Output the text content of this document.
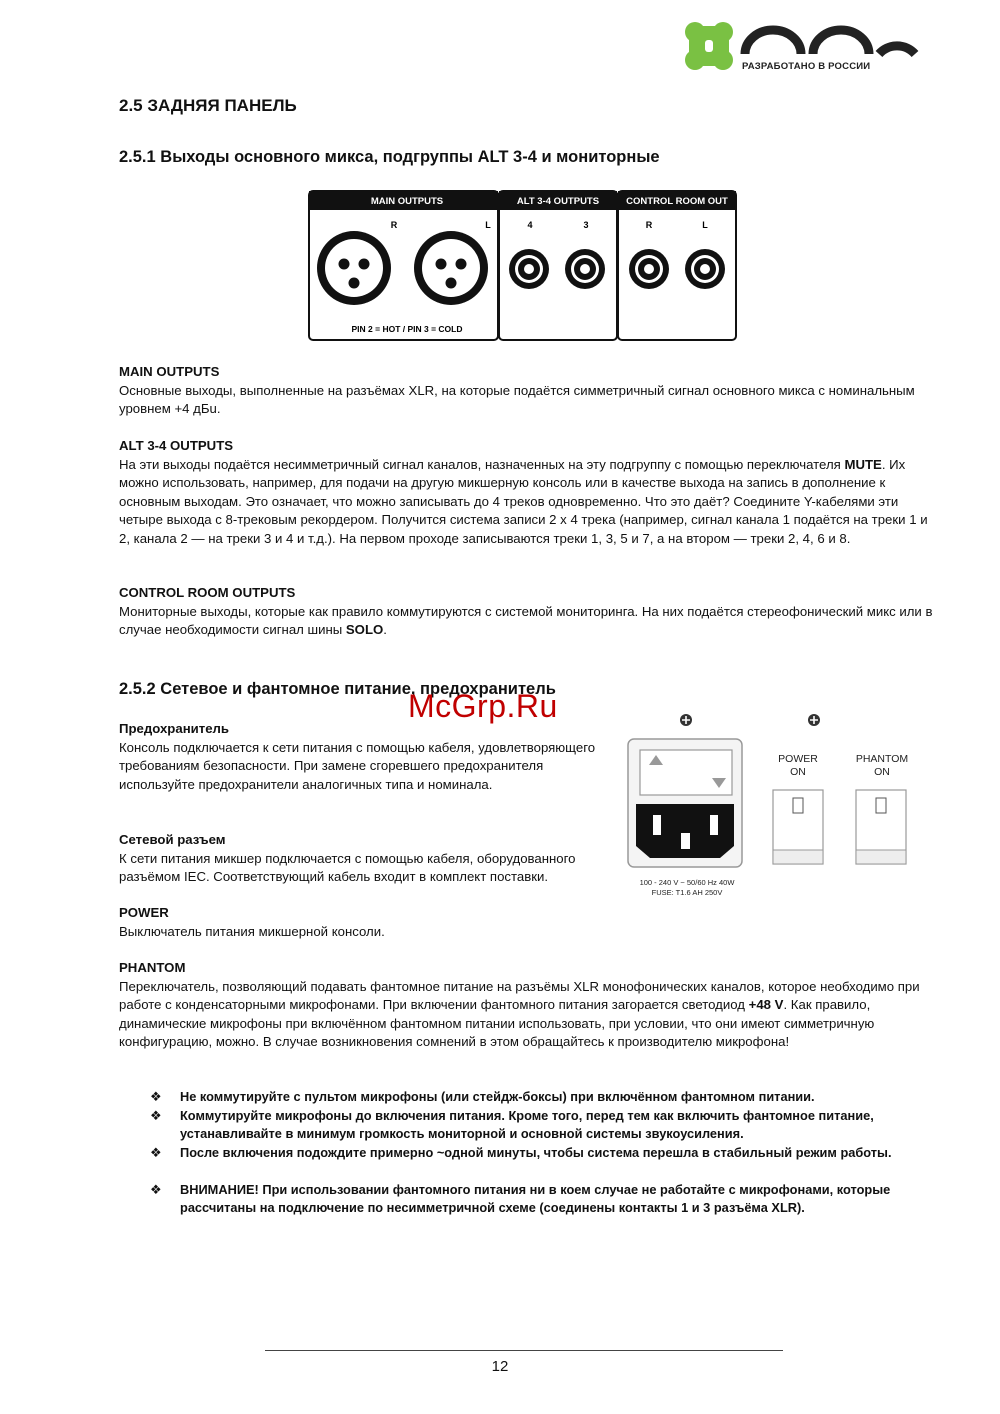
РАЗРАБОТАНО В РОССИИ
2.5 ЗАДНЯЯ ПАНЕЛЬ
2.5.1 Выходы основного микса, подгруппы ALT 3-4 и мониторные
MAIN OUTPUTS	ALT 3-4 OUTPUTS	CONTROL ROOM OUT
R	L	4	3	R	L
PIN 2 = HOT / PIN 3 = COLD

MAIN OUTPUTS
Основные выходы, выполненные на разъёмах XLR, на которые подаётся симметричный сигнал основного микса с номинальным уровнем +4 дБu.

ALT 3-4 OUTPUTS
На эти выходы подаётся несимметричный сигнал каналов, назначенных на эту подгруппу с помощью переключателя MUTE. Их можно использовать, например, для подачи на другую микшерную консоль или в качестве выхода на запись в дополнение к основным выходам. Это означает, что можно записывать до 4 треков одновременно. Что это даёт? Соедините Y-кабелями эти четыре выхода с 8-трековым рекордером. Получится система записи 2 x 4 трека (например, сигнал канала 1 подаётся на треки 1 и 2, канала 2 — на треки 3 и 4 и т.д.). На первом проходе записываются треки 1, 3, 5 и 7, а на втором — треки 2, 4, 6 и 8.

CONTROL ROOM OUTPUTS
Мониторные выходы, которые как правило коммутируются с системой мониторинга. На них подаётся стереофонический микс или в случае необходимости сигнал шины SOLO.

2.5.2 Сетевое и фантомное питание, предохранитель
McGrp.Ru
100 - 240 V ~ 50/60 Hz 40W
FUSE: T1.6 AH 250V
POWER
ON
PHANTOM
ON

Предохранитель
Консоль подключается к сети питания с помощью кабеля, удовлетворяющего требованиям безопасности. При замене сгоревшего предохранителя используйте предохранители аналогичных типа и номинала.

Сетевой разъем
К сети питания микшер подключается с помощью кабеля, оборудованного разъёмом IEC. Соответствующий кабель входит в комплект поставки.

POWER
Выключатель питания микшерной консоли.

PHANTOM
Переключатель, позволяющий подавать фантомное питание на разъёмы XLR монофонических каналов, которое необходимо при работе с конденсаторными микрофонами. При включении фантомного питания загорается светодиод +48 V. Как правило, динамические микрофоны при включённом фантомном питании использовать, при условии, что они имеют симметричную конфигурацию, можно. В случае возникновения сомнений в этом обращайтесь к производителю микрофона!

❖ Не коммутируйте с пультом микрофоны (или стейдж-боксы) при включённом фантомном питании.
❖ Коммутируйте микрофоны до включения питания. Кроме того, перед тем как включить фантомное питание, устанавливайте в минимум громкость мониторной и основной системы звукоусиления.
❖ После включения подождите примерно ~одной минуты, чтобы система перешла в стабильный режим работы.
❖ ВНИМАНИЕ! При использовании фантомного питания ни в коем случае не работайте с микрофонами, которые рассчитаны на подключение по несимметричной схеме (соединены контакты 1 и 3 разъёма XLR).
12
